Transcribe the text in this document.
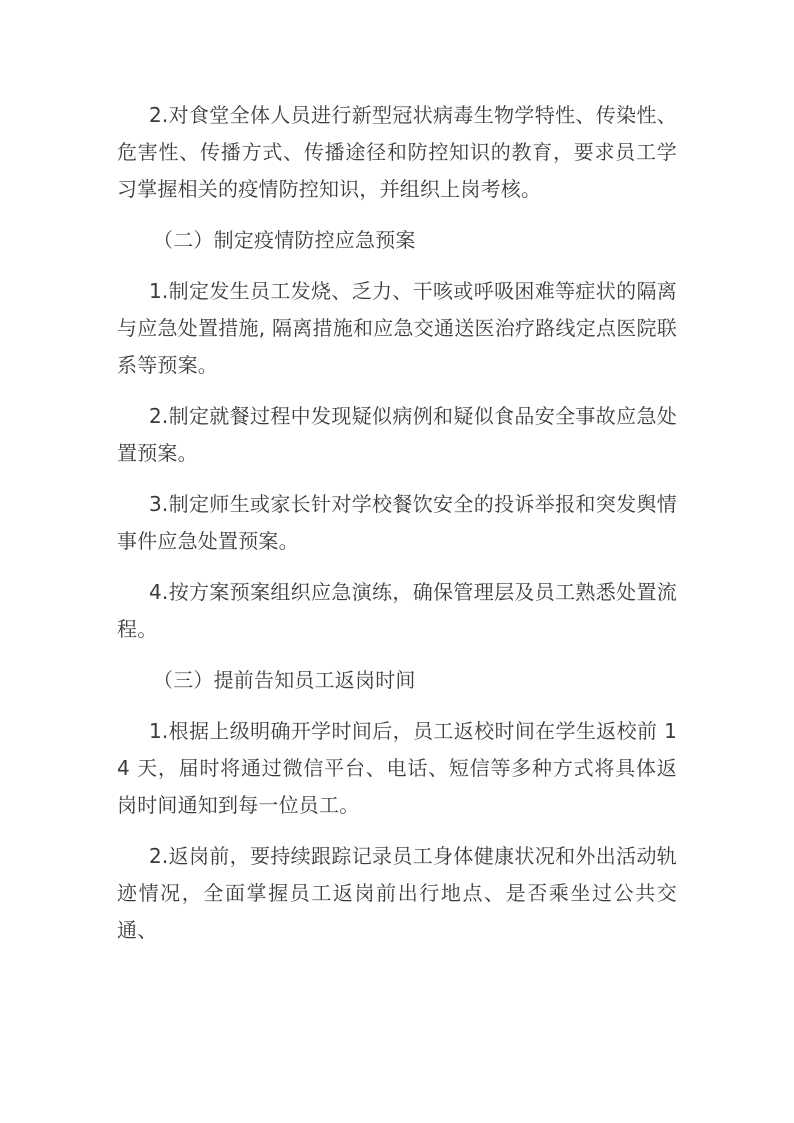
2.对食堂全体人员进行新型冠状病毒生物学特性、传染性、危害性、传播方式、传播途径和防控知识的教育，要求员工学习掌握相关的疫情防控知识，并组织上岗考核。

（二）制定疫情防控应急预案

1.制定发生员工发烧、乏力、干咳或呼吸困难等症状的隔离与应急处置措施, 隔离措施和应急交通送医治疗路线定点医院联系等预案。

2.制定就餐过程中发现疑似病例和疑似食品安全事故应急处置预案。

3.制定师生或家长针对学校餐饮安全的投诉举报和突发舆情事件应急处置预案。

4.按方案预案组织应急演练，确保管理层及员工熟悉处置流程。

（三）提前告知员工返岗时间

1.根据上级明确开学时间后，员工返校时间在学生返校前 14 天，届时将通过微信平台、电话、短信等多种方式将具体返岗时间通知到每一位员工。

2.返岗前，要持续跟踪记录员工身体健康状况和外出活动轨迹情况，全面掌握员工返岗前出行地点、是否乘坐过公共交通、
